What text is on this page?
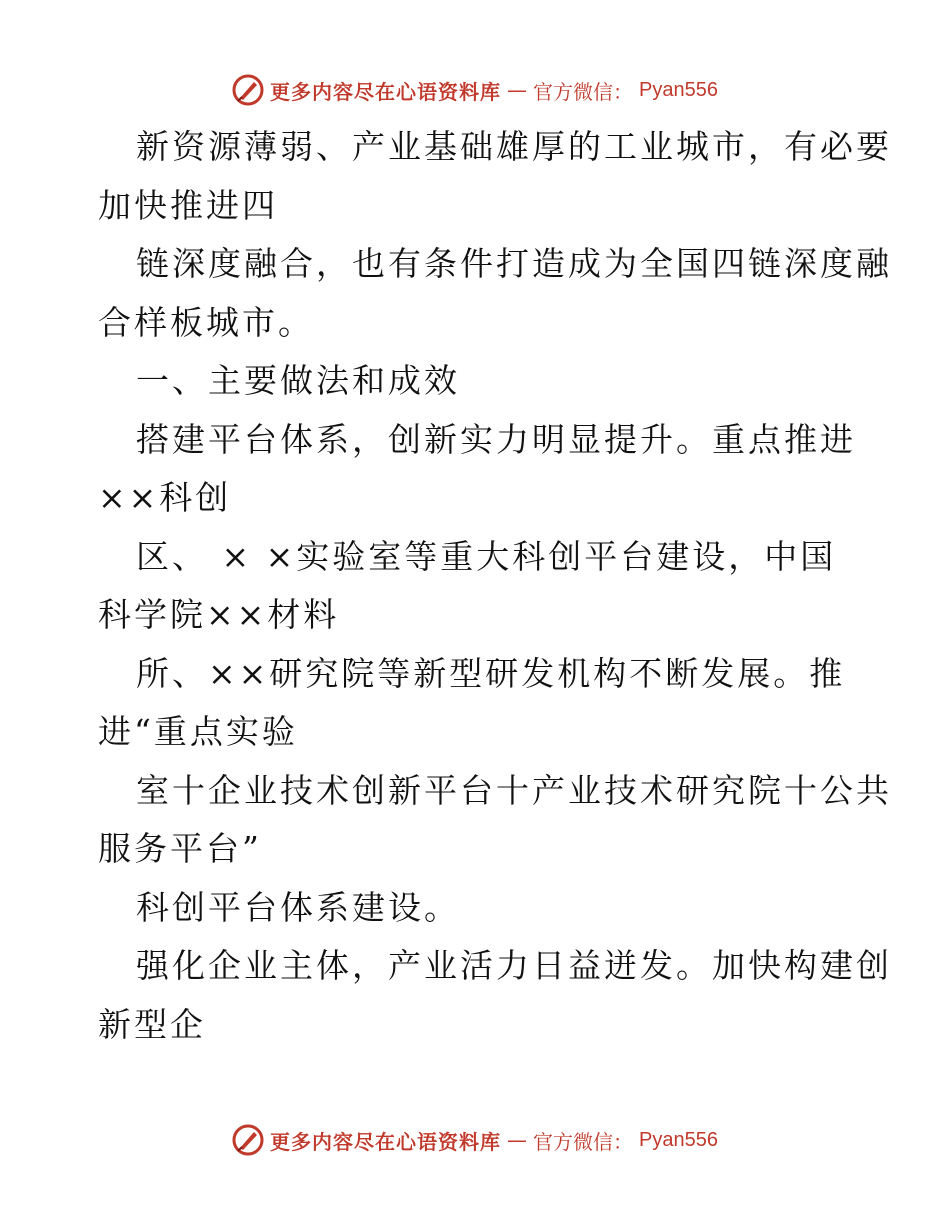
更多内容尽在心语资料库 — 官方微信： Pyan556
新资源薄弱、产业基础雄厚的工业城市，有必要
加快推进四
链深度融合，也有条件打造成为全国四链深度融
合样板城市。
一、主要做法和成效
搭建平台体系，创新实力明显提升。重点推进
××科创
区、 × ×实验室等重大科创平台建设，中国
科学院××材料
所、××研究院等新型研发机构不断发展。推
进“重点实验
室十企业技术创新平台十产业技术研究院十公共
服务平台”
科创平台体系建设。
强化企业主体，产业活力日益迸发。加快构建创
新型企
更多内容尽在心语资料库 — 官方微信： Pyan556
